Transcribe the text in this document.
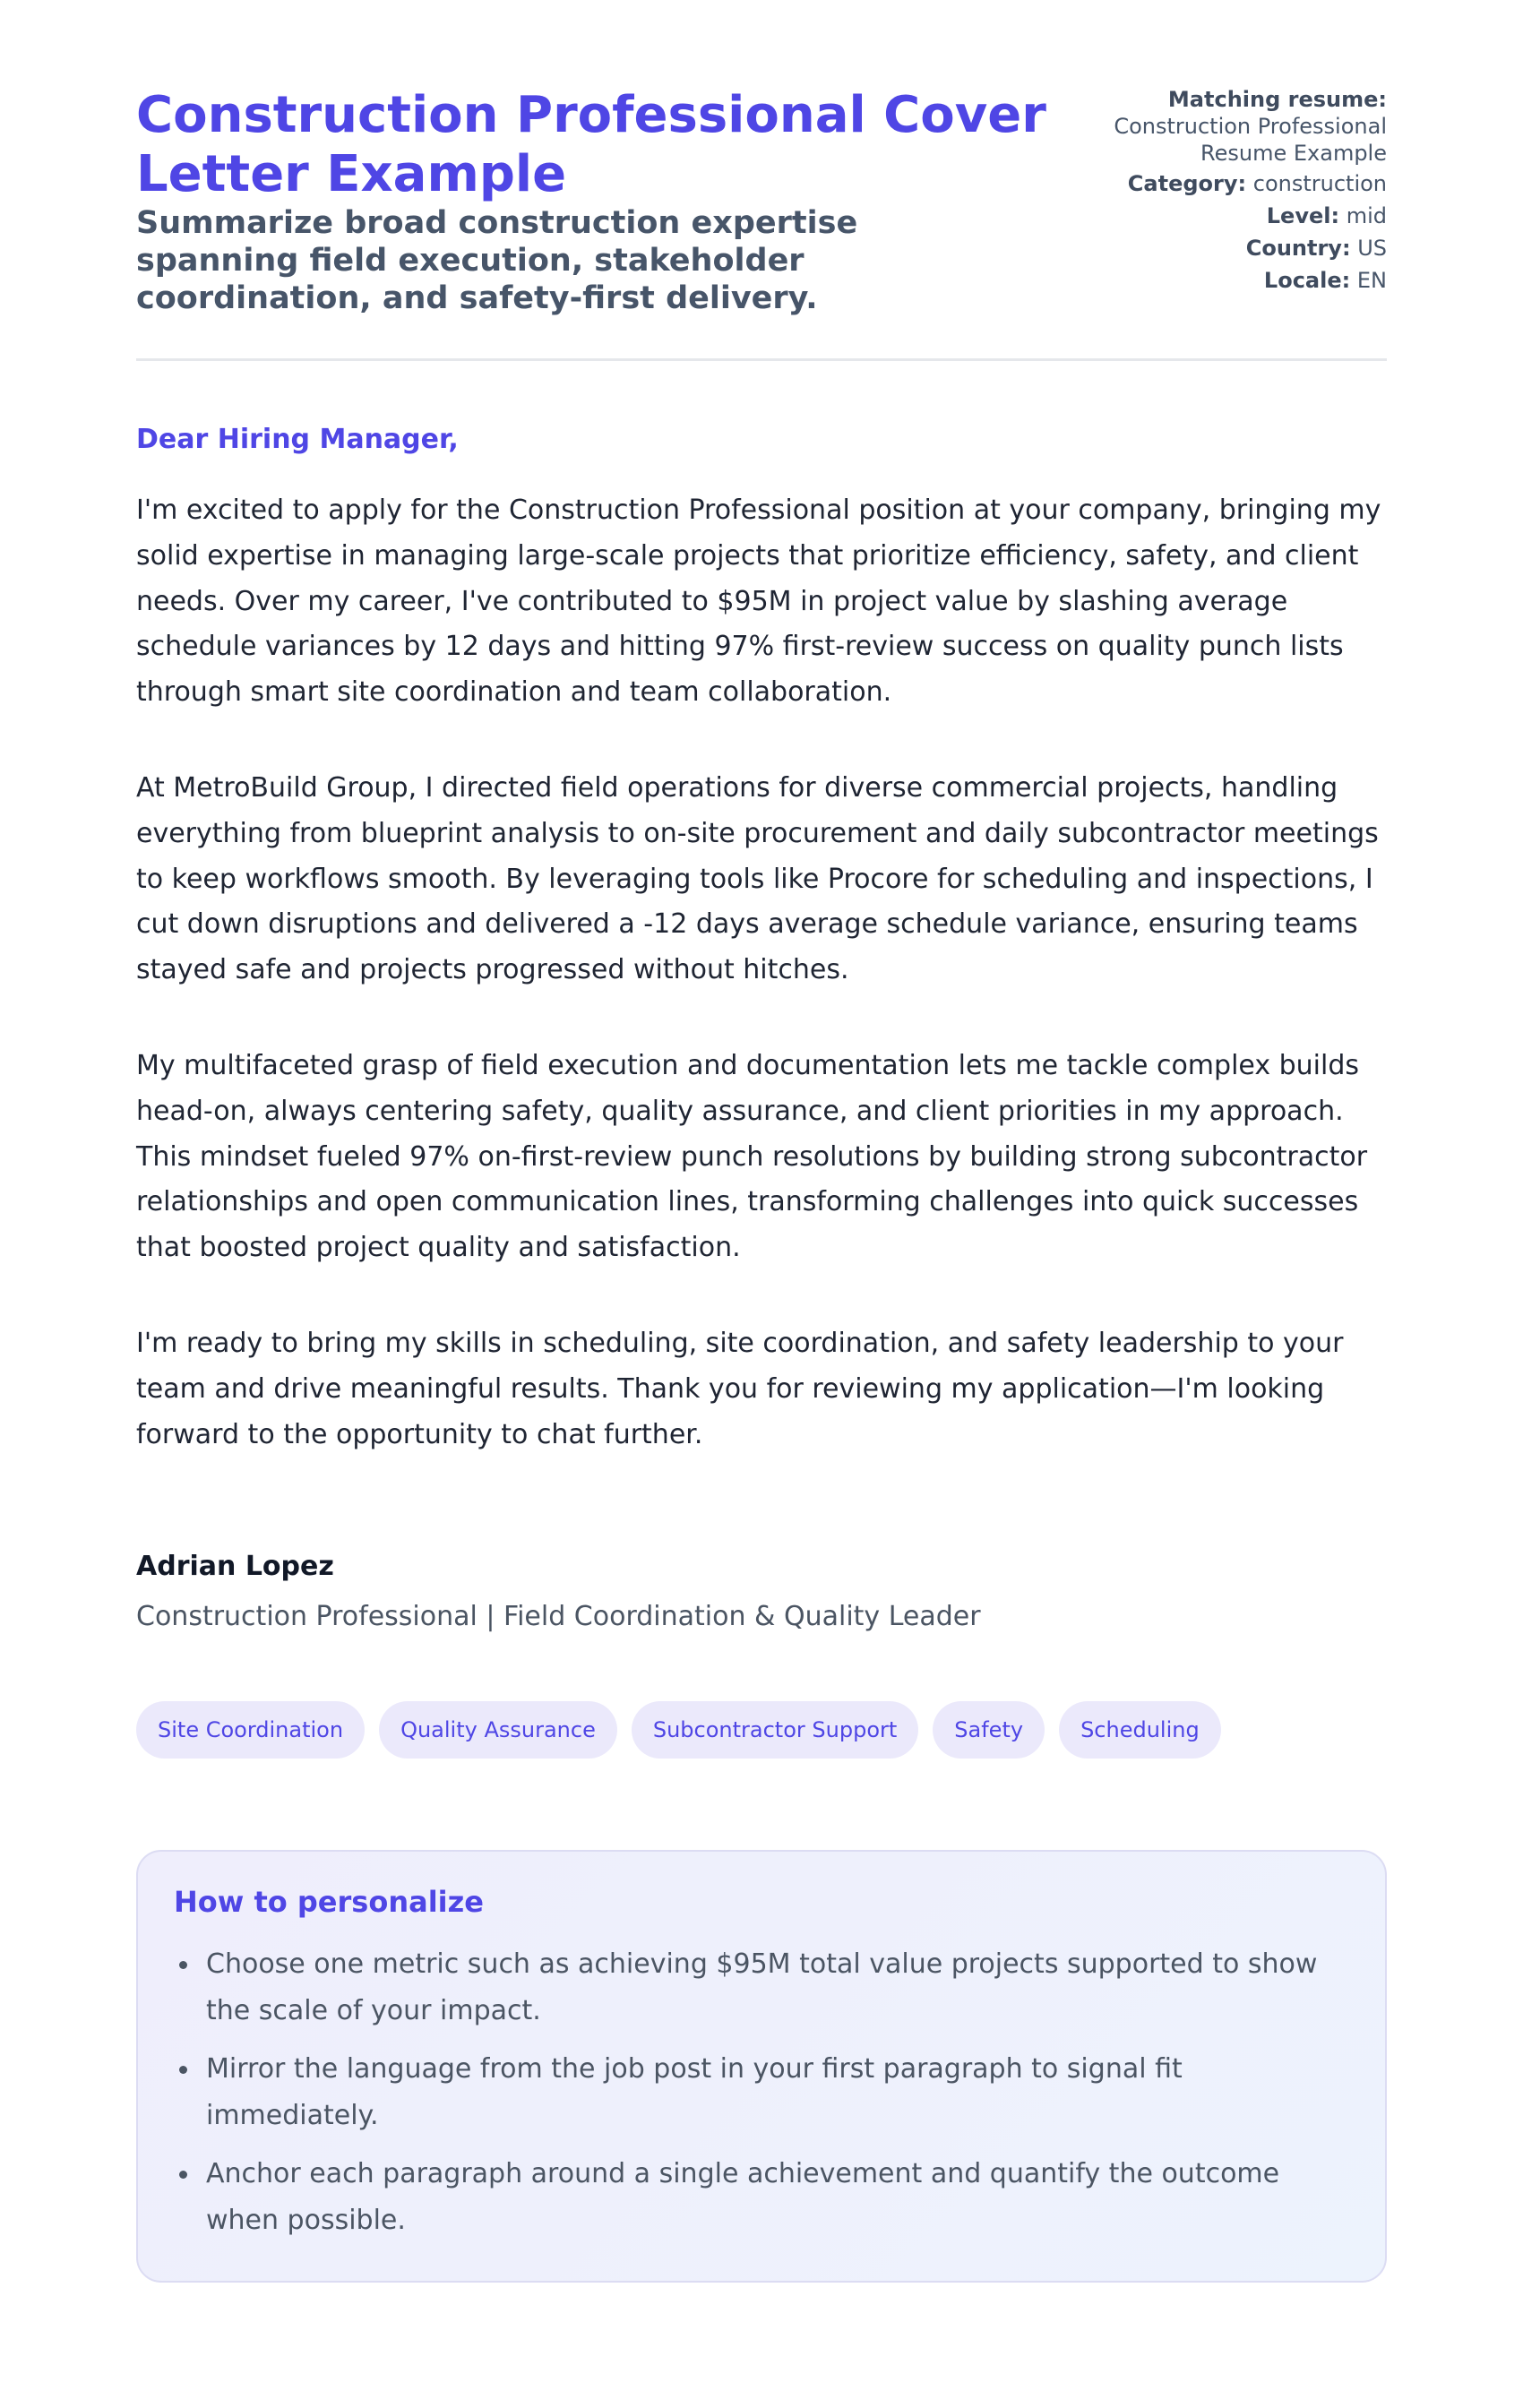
Construction Professional Cover Letter Example
Summarize broad construction expertise spanning field execution, stakeholder coordination, and safety-first delivery.
Matching resume:
Construction Professional Resume Example
Category: construction
Level: mid
Country: US
Locale: EN
Dear Hiring Manager,

I'm excited to apply for the Construction Professional position at your company, bringing my solid expertise in managing large-scale projects that prioritize efficiency, safety, and client needs. Over my career, I've contributed to $95M in project value by slashing average schedule variances by 12 days and hitting 97% first-review success on quality punch lists through smart site coordination and team collaboration.

At MetroBuild Group, I directed field operations for diverse commercial projects, handling everything from blueprint analysis to on-site procurement and daily subcontractor meetings to keep workflows smooth. By leveraging tools like Procore for scheduling and inspections, I cut down disruptions and delivered a -12 days average schedule variance, ensuring teams stayed safe and projects progressed without hitches.

My multifaceted grasp of field execution and documentation lets me tackle complex builds head-on, always centering safety, quality assurance, and client priorities in my approach. This mindset fueled 97% on-first-review punch resolutions by building strong subcontractor relationships and open communication lines, transforming challenges into quick successes that boosted project quality and satisfaction.

I'm ready to bring my skills in scheduling, site coordination, and safety leadership to your team and drive meaningful results. Thank you for reviewing my application—I'm looking forward to the opportunity to chat further.

Adrian Lopez
Construction Professional | Field Coordination & Quality Leader
Site Coordination	Quality Assurance	Subcontractor Support	Safety	Scheduling
How to personalize
Choose one metric such as achieving $95M total value projects supported to show the scale of your impact.
Mirror the language from the job post in your first paragraph to signal fit immediately.
Anchor each paragraph around a single achievement and quantify the outcome when possible.
